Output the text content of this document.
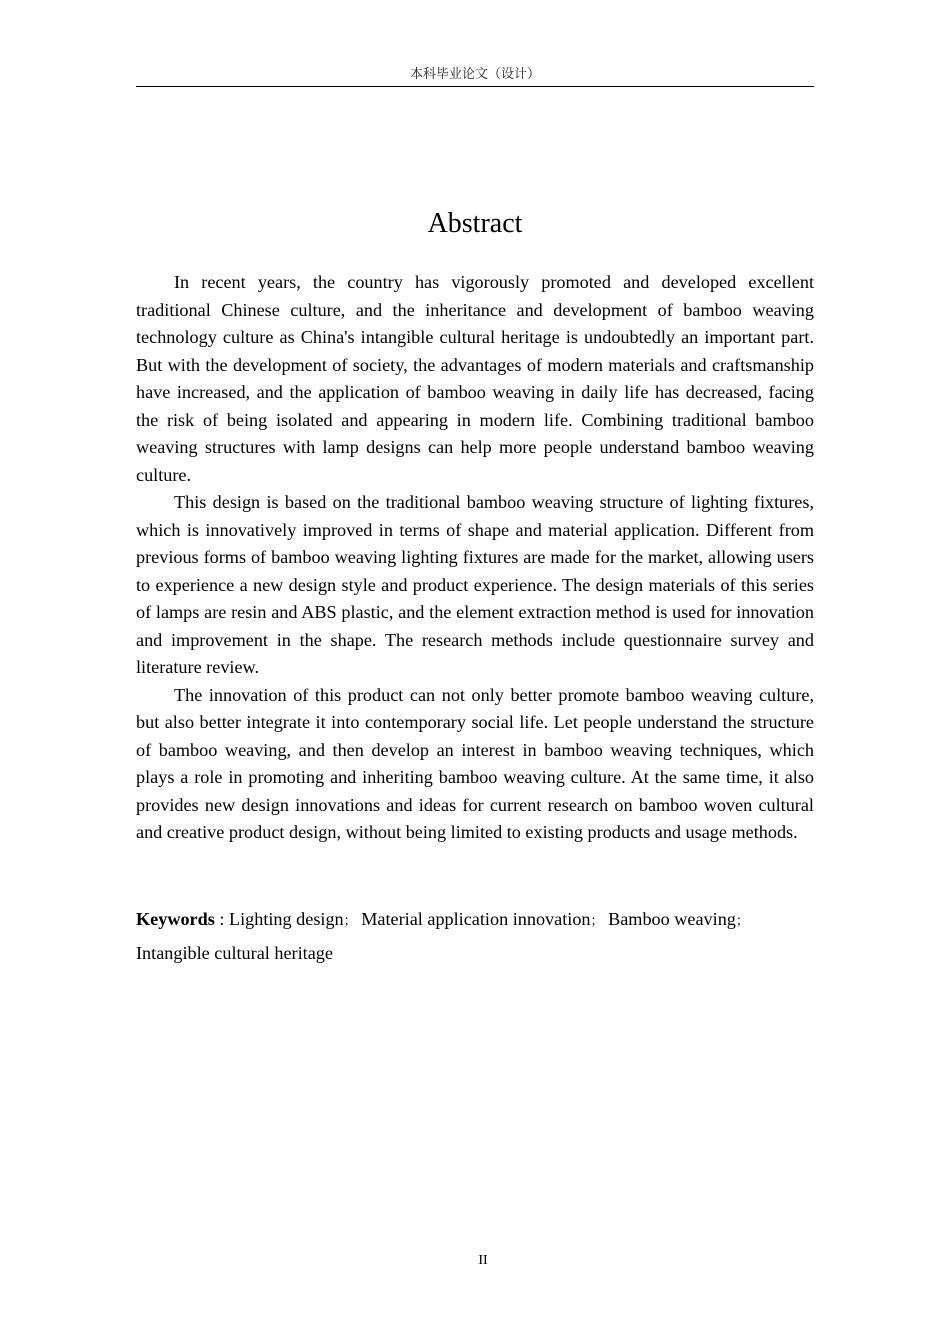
本科毕业论文（设计）
Abstract

In recent years, the country has vigorously promoted and developed excellent traditional Chinese culture, and the inheritance and development of bamboo weaving technology culture as China's intangible cultural heritage is undoubtedly an important part. But with the development of society, the advantages of modern materials and craftsmanship have increased, and the application of bamboo weaving in daily life has decreased, facing the risk of being isolated and appearing in modern life. Combining traditional bamboo weaving structures with lamp designs can help more people understand bamboo weaving culture.

This design is based on the traditional bamboo weaving structure of lighting fixtures, which is innovatively improved in terms of shape and material application. Different from previous forms of bamboo weaving lighting fixtures are made for the market, allowing users to experience a new design style and product experience. The design materials of this series of lamps are resin and ABS plastic, and the element extraction method is used for innovation and improvement in the shape. The research methods include questionnaire survey and literature review.

The innovation of this product can not only better promote bamboo weaving culture, but also better integrate it into contemporary social life. Let people understand the structure of bamboo weaving, and then develop an interest in bamboo weaving techniques, which plays a role in promoting and inheriting bamboo weaving culture. At the same time, it also provides new design innovations and ideas for current research on bamboo woven cultural and creative product design, without being limited to existing products and usage methods.

Keywords : Lighting design； Material application innovation； Bamboo weaving；
Intangible cultural heritage

II
